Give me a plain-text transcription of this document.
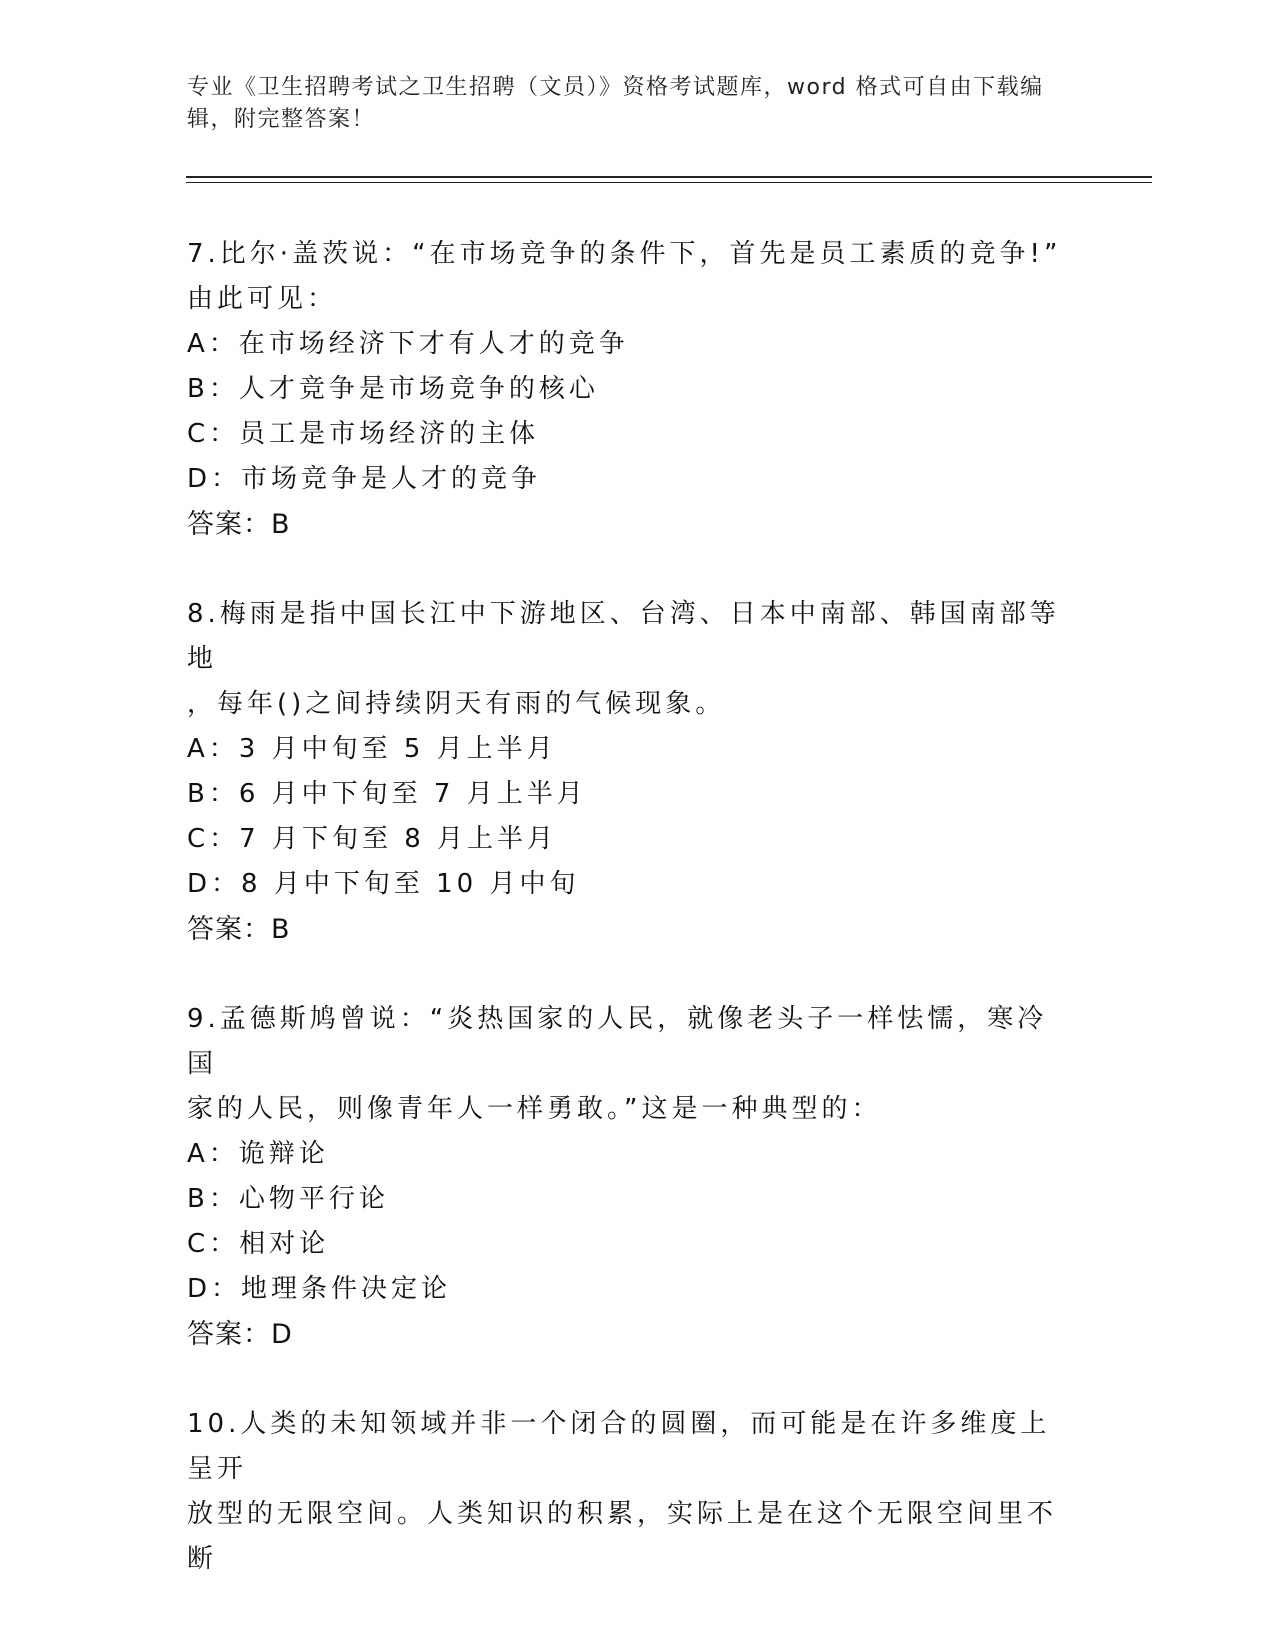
专业《卫生招聘考试之卫生招聘（文员）》资格考试题库，word 格式可自由下载编辑，附完整答案！

7.比尔·盖茨说：“在市场竞争的条件下，首先是员工素质的竞争!”

由此可见：

A：在市场经济下才有人才的竞争

B：人才竞争是市场竞争的核心

C：员工是市场经济的主体

D：市场竞争是人才的竞争

答案：B

8.梅雨是指中国长江中下游地区、台湾、日本中南部、韩国南部等地

，每年()之间持续阴天有雨的气候现象。

A：3 月中旬至 5 月上半月

B：6 月中下旬至 7 月上半月

C：7 月下旬至 8 月上半月

D：8 月中下旬至 10 月中旬

答案：B

9.孟德斯鸠曾说：“炎热国家的人民，就像老头子一样怯懦，寒冷国

家的人民，则像青年人一样勇敢。”这是一种典型的：

A：诡辩论

B：心物平行论

C：相对论

D：地理条件决定论

答案：D

10.人类的未知领域并非一个闭合的圆圈，而可能是在许多维度上呈开

放型的无限空间。人类知识的积累，实际上是在这个无限空间里不断
